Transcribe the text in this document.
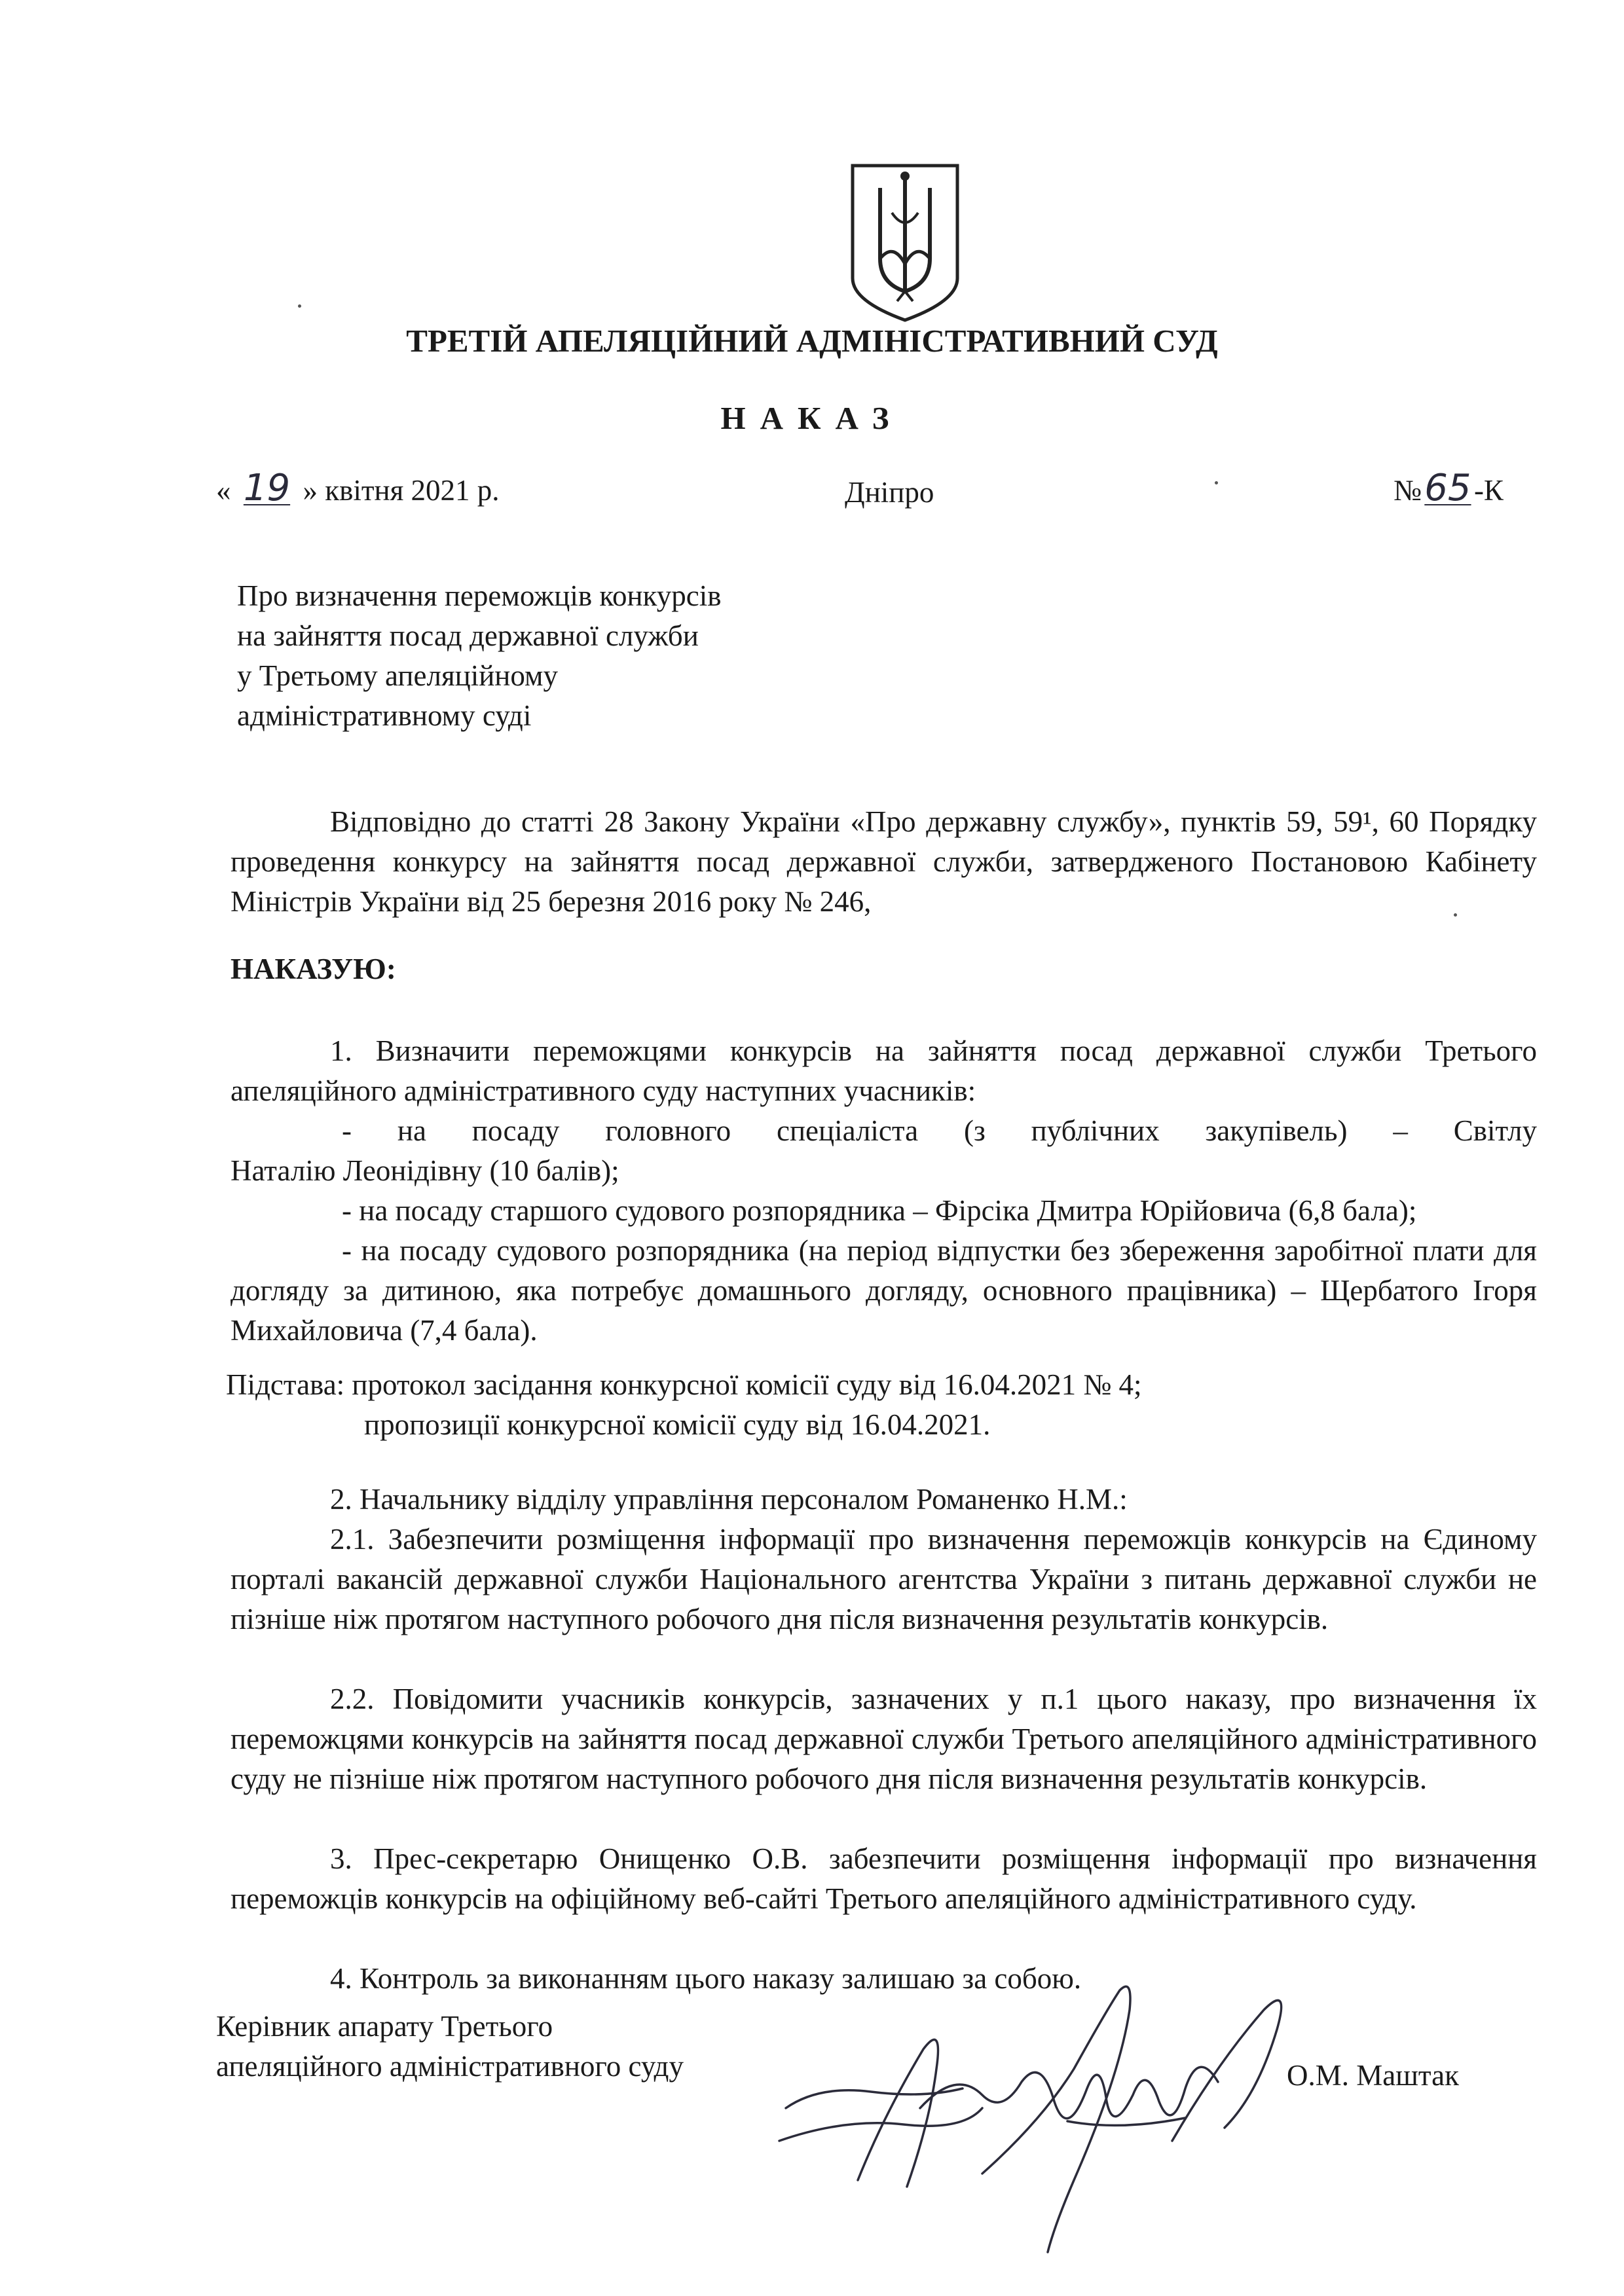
ТРЕТІЙ АПЕЛЯЦІЙНИЙ АДМІНІСТРАТИВНИЙ СУД
НАКАЗ
« 19 » квітня 2021 р.	Дніпро	№65-К
Про визначення переможців конкурсів
на зайняття посад державної служби
у Третьому апеляційному
адміністративному суді

Відповідно до статті 28 Закону України «Про державну службу», пунктів 59, 59¹, 60 Порядку проведення конкурсу на зайняття посад державної служби, затвердженого Постановою Кабінету Міністрів України від 25 березня 2016 року № 246,

НАКАЗУЮ:

1. Визначити переможцями конкурсів на зайняття посад державної служби Третього апеляційного адміністративного суду наступних учасників:

- на посаду головного спеціаліста (з публічних закупівель) – Світлу

Наталію Леонідівну (10 балів);

- на посаду старшого судового розпорядника – Фірсіка Дмитра Юрійовича (6,8 бала);

- на посаду судового розпорядника (на період відпустки без збереження заробітної плати для догляду за дитиною, яка потребує домашнього догляду, основного працівника) – Щербатого Ігоря Михайловича (7,4 бала).

Підстава: протокол засідання конкурсної комісії суду від 16.04.2021 № 4;
пропозиції конкурсної комісії суду від 16.04.2021.

2. Начальнику відділу управління персоналом Романенко Н.М.:

2.1. Забезпечити розміщення інформації про визначення переможців конкурсів на Єдиному порталі вакансій державної служби Національного агентства України з питань державної служби не пізніше ніж протягом наступного робочого дня після визначення результатів конкурсів.

2.2. Повідомити учасників конкурсів, зазначених у п.1 цього наказу, про визначення їх переможцями конкурсів на зайняття посад державної служби Третього апеляційного адміністративного суду не пізніше ніж протягом наступного робочого дня після визначення результатів конкурсів.

3. Прес-секретарю Онищенко О.В. забезпечити розміщення інформації про визначення переможців конкурсів на офіційному веб-сайті Третього апеляційного адміністративного суду.

4. Контроль за виконанням цього наказу залишаю за собою.

Керівник апарату Третього
апеляційного адміністративного суду	О.М. Маштак
